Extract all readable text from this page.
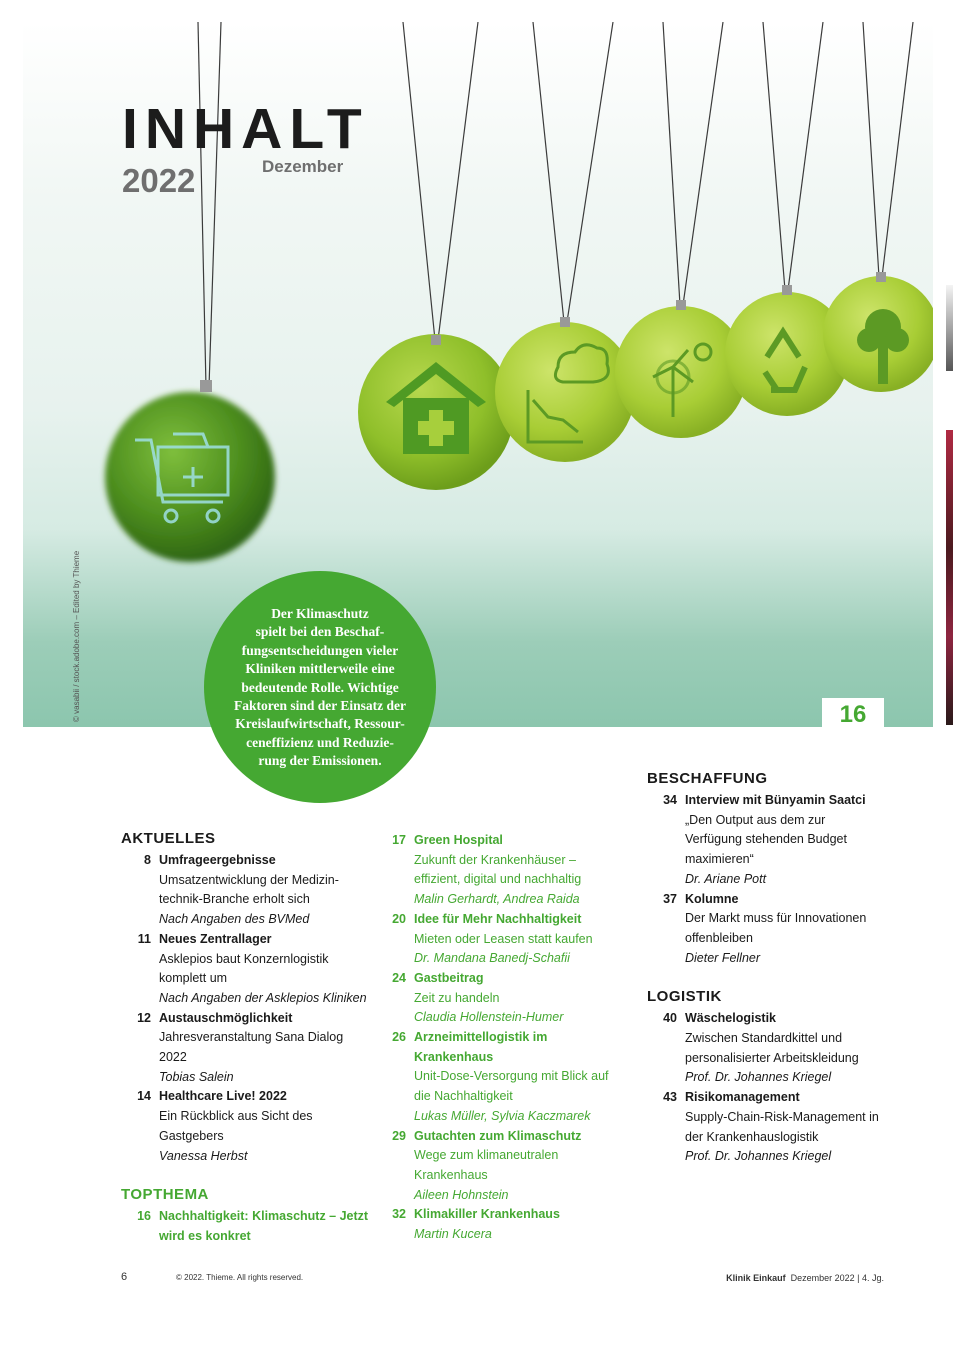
INHALT
2022	Dezember
© vasabii / stock.adobe.com – Edited by Thieme	Der Klimaschutz
spielt bei den Beschaf-
fungsentscheidungen vieler
Kliniken mittlerweile eine
bedeutende Rolle. Wichtige
Faktoren sind der Einsatz der
Kreislaufwirtschaft, Ressour-
ceneffizienz und Reduzie-
rung der Emissionen.
16
AKTUELLES
8 Umfrageergebnisse
Umsatzentwicklung der Medizin-
technik-Branche erholt sich
Nach Angaben des BVMed
11 Neues Zentrallager
Asklepios baut Konzernlogistik
komplett um
Nach Angaben der Asklepios Kliniken
12 Austauschmöglichkeit
Jahresveranstaltung Sana Dialog
2022
Tobias Salein
14 Healthcare Live! 2022
Ein Rückblick aus Sicht des
Gastgebers
Vanessa Herbst
TOPTHEMA
16 Nachhaltigkeit: Klimaschutz – Jetzt
wird es konkret
17 Green Hospital
Zukunft der Krankenhäuser –
effizient, digital und nachhaltig
Malin Gerhardt, Andrea Raida
20 Idee für Mehr Nachhaltigkeit
Mieten oder Leasen statt kaufen
Dr. Mandana Banedj-Schafii
24 Gastbeitrag
Zeit zu handeln
Claudia Hollenstein-Humer
26 Arzneimittellogistik im
Krankenhaus
Unit-Dose-Versorgung mit Blick auf
die Nachhaltigkeit
Lukas Müller, Sylvia Kaczmarek
29 Gutachten zum Klimaschutz
Wege zum klimaneutralen
Krankenhaus
Aileen Hohnstein
32 Klimakiller Krankenhaus
Martin Kucera
BESCHAFFUNG
34 Interview mit Bünyamin Saatci
„Den Output aus dem zur
Verfügung stehenden Budget
maximieren“
Dr. Ariane Pott
37 Kolumne
Der Markt muss für Innovationen
offenbleiben
Dieter Fellner
LOGISTIK
40 Wäschelogistik
Zwischen Standardkittel und
personalisierter Arbeitskleidung
Prof. Dr. Johannes Kriegel
43 Risikomanagement
Supply-Chain-Risk-Management in
der Krankenhauslogistik
Prof. Dr. Johannes Kriegel
6	© 2022. Thieme. All rights reserved.	Klinik Einkauf Dezember 2022 | 4. Jg.
